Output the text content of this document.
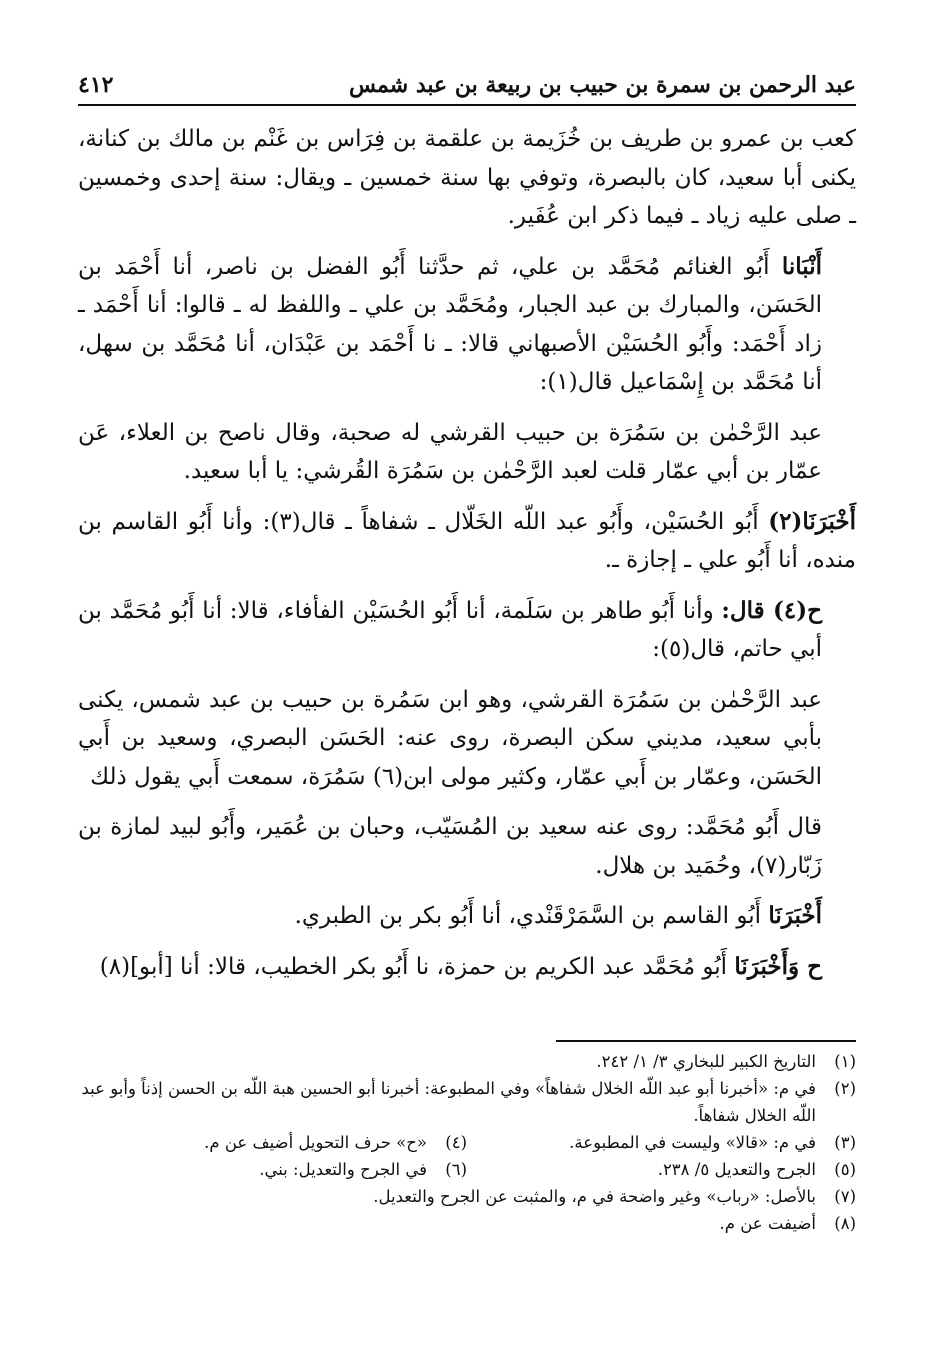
عبد الرحمن بن سمرة بن حبيب بن ربيعة بن عبد شمس
٤١٢

كعب بن عمرو بن طريف بن خُزَيمة بن علقمة بن فِرَاس بن غَنْم بن مالك بن كنانة، يكنى أبا سعيد، كان بالبصرة، وتوفي بها سنة خمسين ـ ويقال: سنة إحدى وخمسين ـ صلى عليه زياد ـ فيما ذكر ابن عُفَير.

أَنْبَانا أَبُو الغنائم مُحَمَّد بن علي، ثم حدَّثنا أَبُو الفضل بن ناصر، أنا أَحْمَد بن الحَسَن، والمبارك بن عبد الجبار، ومُحَمَّد بن علي ـ واللفظ له ـ قالوا: أنا أَحْمَد ـ زاد أَحْمَد: وأَبُو الحُسَيْن الأصبهاني قالا: ـ نا أَحْمَد بن عَبْدَان، أنا مُحَمَّد بن سهل، أنا مُحَمَّد بن إِسْمَاعيل قال(١):

عبد الرَّحْمٰن بن سَمُرَة بن حبيب القرشي له صحبة، وقال ناصح بن العلاء، عَن عمّار بن أبي عمّار قلت لعبد الرَّحْمٰن بن سَمُرَة القُرشي: يا أبا سعيد.

أَخْبَرَنَا(٢) أَبُو الحُسَيْن، وأَبُو عبد اللّه الخَلّال ـ شفاهاً ـ قال(٣): وأنا أَبُو القاسم بن منده، أنا أَبُو علي ـ إجازة ـ.

ح(٤) قال: وأنا أَبُو طاهر بن سَلَمة، أنا أَبُو الحُسَيْن الفأفاء، قالا: أنا أَبُو مُحَمَّد بن أبي حاتم، قال(٥):

عبد الرَّحْمٰن بن سَمُرَة القرشي، وهو ابن سَمُرة بن حبيب بن عبد شمس، يكنى بأبي سعيد، مديني سكن البصرة، روى عنه: الحَسَن البصري، وسعيد بن أَبي الحَسَن، وعمّار بن أَبي عمّار، وكثير مولى ابن(٦) سَمُرَة، سمعت أَبي يقول ذلك

قال أَبُو مُحَمَّد: روى عنه سعيد بن المُسَيّب، وحبان بن عُمَير، وأَبُو لبيد لمازة بن زَبّار(٧)، وحُمَيد بن هلال.

أَخْبَرَنَا أَبُو القاسم بن السَّمَرْقَنْدي، أنا أَبُو بكر بن الطبري.

ح وَأَخْبَرَنَا أَبُو مُحَمَّد عبد الكريم بن حمزة، نا أَبُو بكر الخطيب، قالا: أنا [أبو](٨)

(١)
التاريخ الكبير للبخاري ٣/ ١/ ٢٤٢.
(٢)
في م: «أخبرنا أبو عبد اللّه الخلال شفاهاً» وفي المطبوعة: أخبرنا أبو الحسين هبة اللّه بن الحسن إذناً وأبو عبد اللّه الخلال شفاهاً.
(٣)
في م: «قالا» وليست في المطبوعة.
(٤)
«ح» حرف التحويل أضيف عن م.
(٥)
الجرح والتعديل ٥/ ٢٣٨.
(٦)
في الجرح والتعديل: بني.
(٧)
بالأصل: «رباب» وغير واضحة في م، والمثبت عن الجرح والتعديل.
(٨)
أضيفت عن م.
